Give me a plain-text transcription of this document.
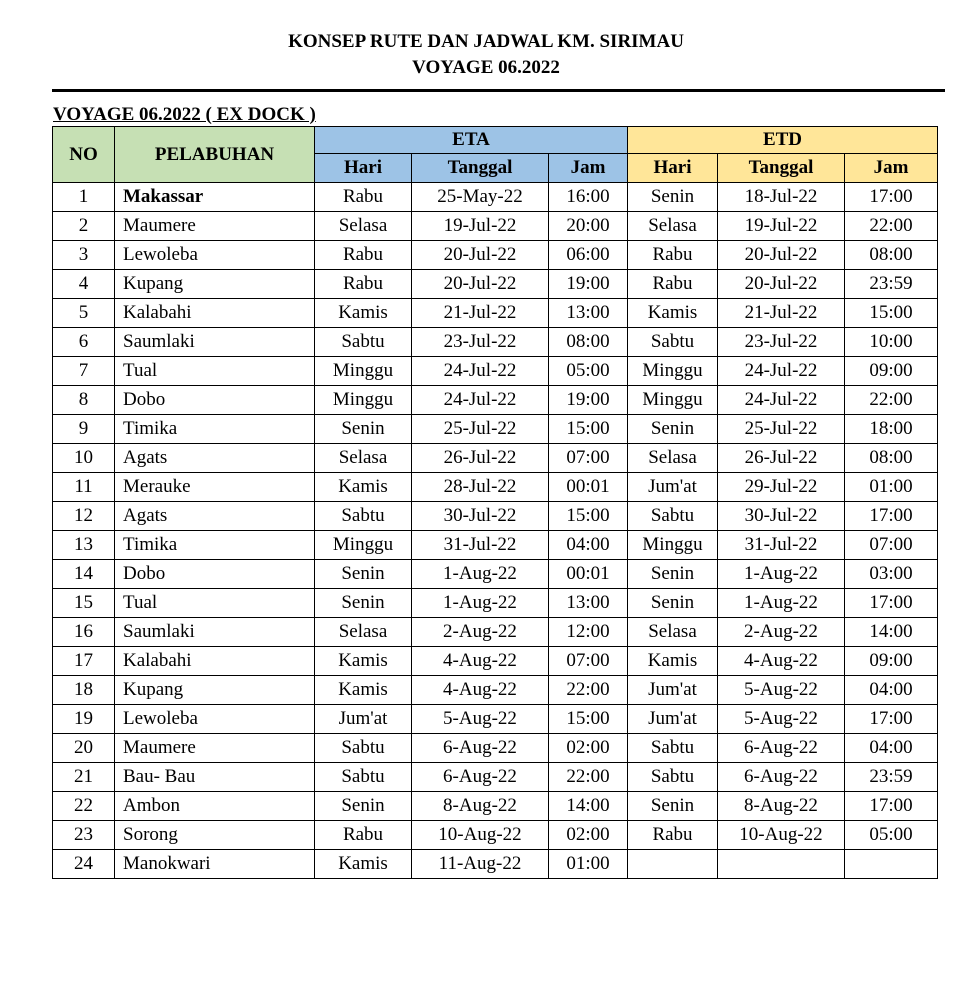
KONSEP RUTE DAN JADWAL KM. SIRIMAU
VOYAGE 06.2022
VOYAGE 06.2022 ( EX DOCK )
NO	PELABUHAN	ETA			ETD		
		Hari	Tanggal	Jam	Hari	Tanggal	Jam
1	Makassar	Rabu	25-May-22	16:00	Senin	18-Jul-22	17:00
2	Maumere	Selasa	19-Jul-22	20:00	Selasa	19-Jul-22	22:00
3	Lewoleba	Rabu	20-Jul-22	06:00	Rabu	20-Jul-22	08:00
4	Kupang	Rabu	20-Jul-22	19:00	Rabu	20-Jul-22	23:59
5	Kalabahi	Kamis	21-Jul-22	13:00	Kamis	21-Jul-22	15:00
6	Saumlaki	Sabtu	23-Jul-22	08:00	Sabtu	23-Jul-22	10:00
7	Tual	Minggu	24-Jul-22	05:00	Minggu	24-Jul-22	09:00
8	Dobo	Minggu	24-Jul-22	19:00	Minggu	24-Jul-22	22:00
9	Timika	Senin	25-Jul-22	15:00	Senin	25-Jul-22	18:00
10	Agats	Selasa	26-Jul-22	07:00	Selasa	26-Jul-22	08:00
11	Merauke	Kamis	28-Jul-22	00:01	Jum'at	29-Jul-22	01:00
12	Agats	Sabtu	30-Jul-22	15:00	Sabtu	30-Jul-22	17:00
13	Timika	Minggu	31-Jul-22	04:00	Minggu	31-Jul-22	07:00
14	Dobo	Senin	1-Aug-22	00:01	Senin	1-Aug-22	03:00
15	Tual	Senin	1-Aug-22	13:00	Senin	1-Aug-22	17:00
16	Saumlaki	Selasa	2-Aug-22	12:00	Selasa	2-Aug-22	14:00
17	Kalabahi	Kamis	4-Aug-22	07:00	Kamis	4-Aug-22	09:00
18	Kupang	Kamis	4-Aug-22	22:00	Jum'at	5-Aug-22	04:00
19	Lewoleba	Jum'at	5-Aug-22	15:00	Jum'at	5-Aug-22	17:00
20	Maumere	Sabtu	6-Aug-22	02:00	Sabtu	6-Aug-22	04:00
21	Bau- Bau	Sabtu	6-Aug-22	22:00	Sabtu	6-Aug-22	23:59
22	Ambon	Senin	8-Aug-22	14:00	Senin	8-Aug-22	17:00
23	Sorong	Rabu	10-Aug-22	02:00	Rabu	10-Aug-22	05:00
24	Manokwari	Kamis	11-Aug-22	01:00			
